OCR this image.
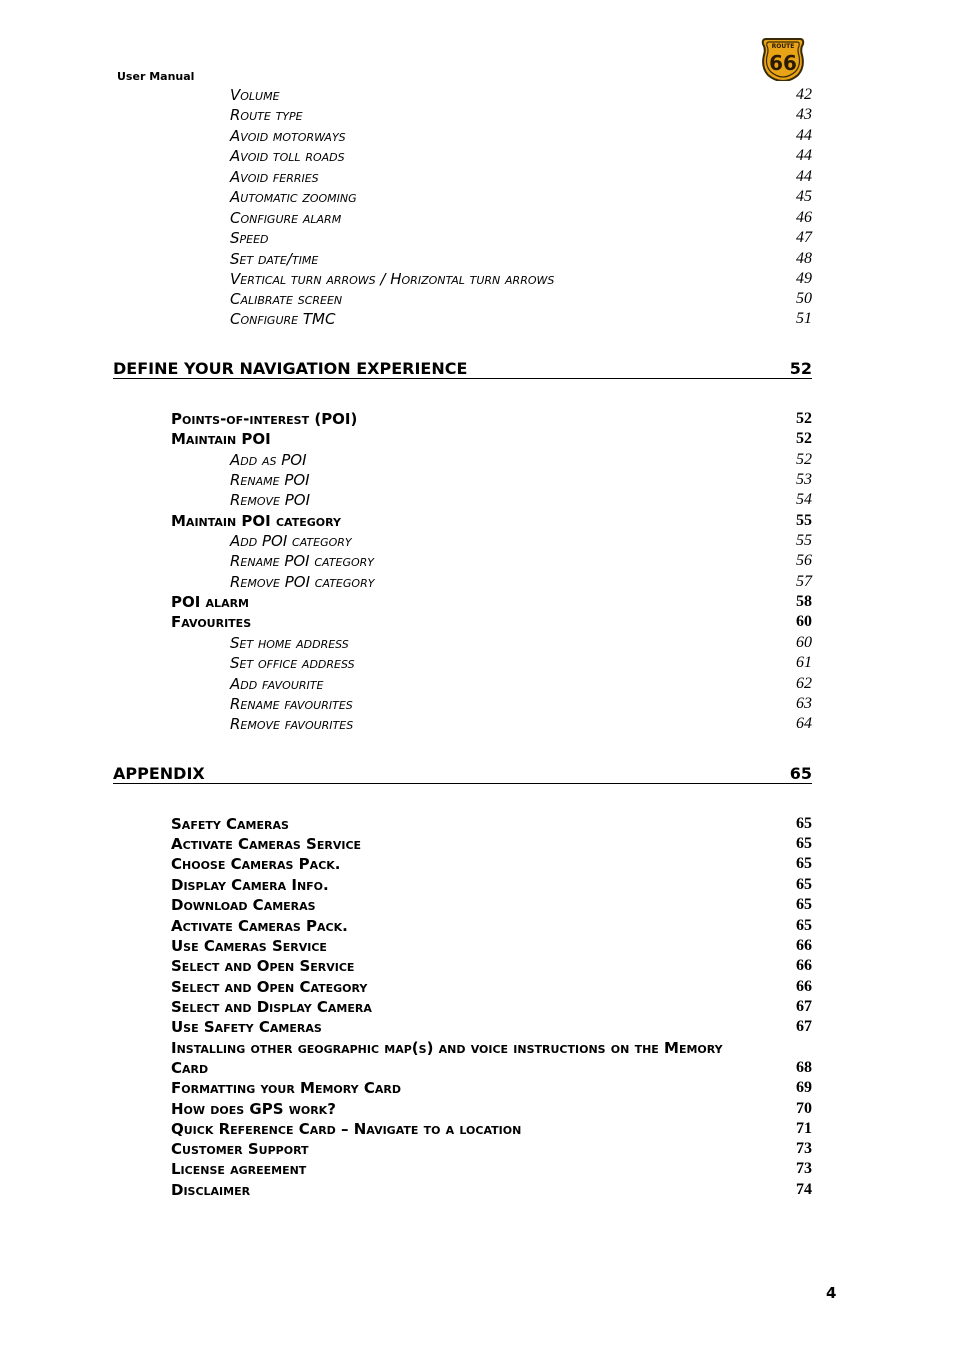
User Manual
ROUTE
66
Volume	42
Route type	43
Avoid motorways	44
Avoid toll roads	44
Avoid ferries	44
Automatic zooming	45
Configure alarm	46
Speed	47
Set date/time	48
Vertical turn arrows / Horizontal turn arrows	49
Calibrate screen	50
Configure TMC	51
DEFINE YOUR NAVIGATION EXPERIENCE	52
Points-of-interest (POI)	52
Maintain POI	52
Add as POI	52
Rename POI	53
Remove POI	54
Maintain POI category	55
Add POI category	55
Rename POI category	56
Remove POI category	57
POI alarm	58
Favourites	60
Set home address	60
Set office address	61
Add favourite	62
Rename favourites	63
Remove favourites	64
APPENDIX	65
Safety Cameras	65
Activate Cameras Service	65
Choose Cameras Pack.	65
Display Camera Info.	65
Download Cameras	65
Activate Cameras Pack.	65
Use Cameras Service	66
Select and Open Service	66
Select and Open Category	66
Select and Display Camera	67
Use Safety Cameras	67
Installing other geographic map(s) and voice instructions on the Memory
Card	68
Formatting your Memory Card	69
How does GPS work?	70
Quick Reference Card – Navigate to a location	71
Customer Support	73
License agreement	73
Disclaimer	74
4
